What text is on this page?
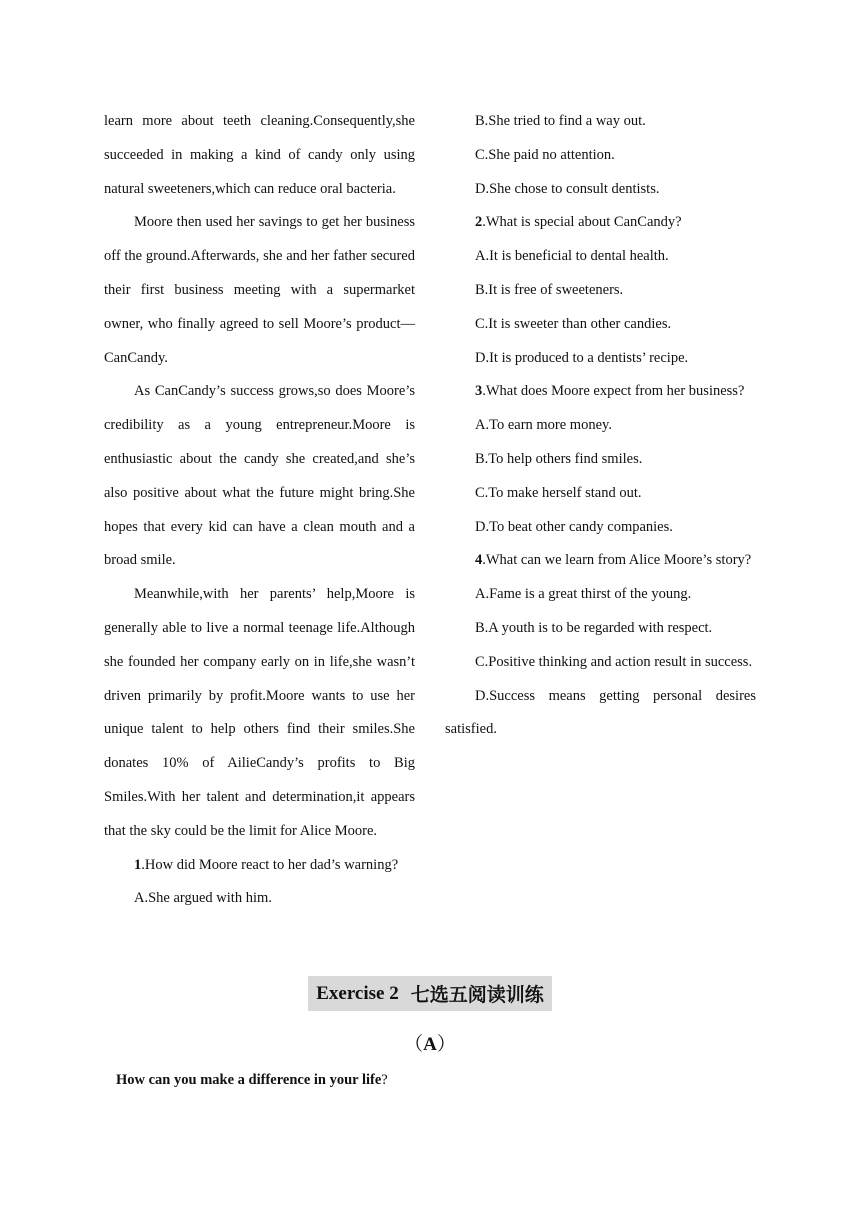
learn more about teeth cleaning.Consequently,she succeeded in making a kind of candy only using natural sweeteners,which can reduce oral bacteria.

Moore then used her savings to get her business off the ground.Afterwards, she and her father secured their first business meeting with a supermarket owner, who finally agreed to sell Moore’s product—CanCandy.

As CanCandy’s success grows,so does Moore’s credibility as a young entrepreneur.Moore is enthusiastic about the candy she created,and she’s also positive about what the future might bring.She hopes that every kid can have a clean mouth and a broad smile.

Meanwhile,with her parents’ help,Moore is generally able to live a normal teenage life.Although she founded her company early on in life,she wasn’t driven primarily by profit.Moore wants to use her unique talent to help others find their smiles.She donates 10% of AilieCandy’s profits to Big Smiles.With her talent and determination,it appears that the sky could be the limit for Alice Moore.

1.How did Moore react to her dad’s warning?

A.She argued with him.

B.She tried to find a way out.

C.She paid no attention.

D.She chose to consult dentists.

2.What is special about CanCandy?

A.It is beneficial to dental health.

B.It is free of sweeteners.

C.It is sweeter than other candies.

D.It is produced to a dentists’ recipe.

3.What does Moore expect from her business?

A.To earn more money.

B.To help others find smiles.

C.To make herself stand out.

D.To beat other candy companies.

4.What can we learn from Alice Moore’s story?

A.Fame is a great thirst of the young.

B.A youth is to be regarded with respect.

C.Positive thinking and action result in success.

D.Success means getting personal desires satisfied.

Exercise 2 七选五阅读训练
（A）
How can you make a difference in your life?
